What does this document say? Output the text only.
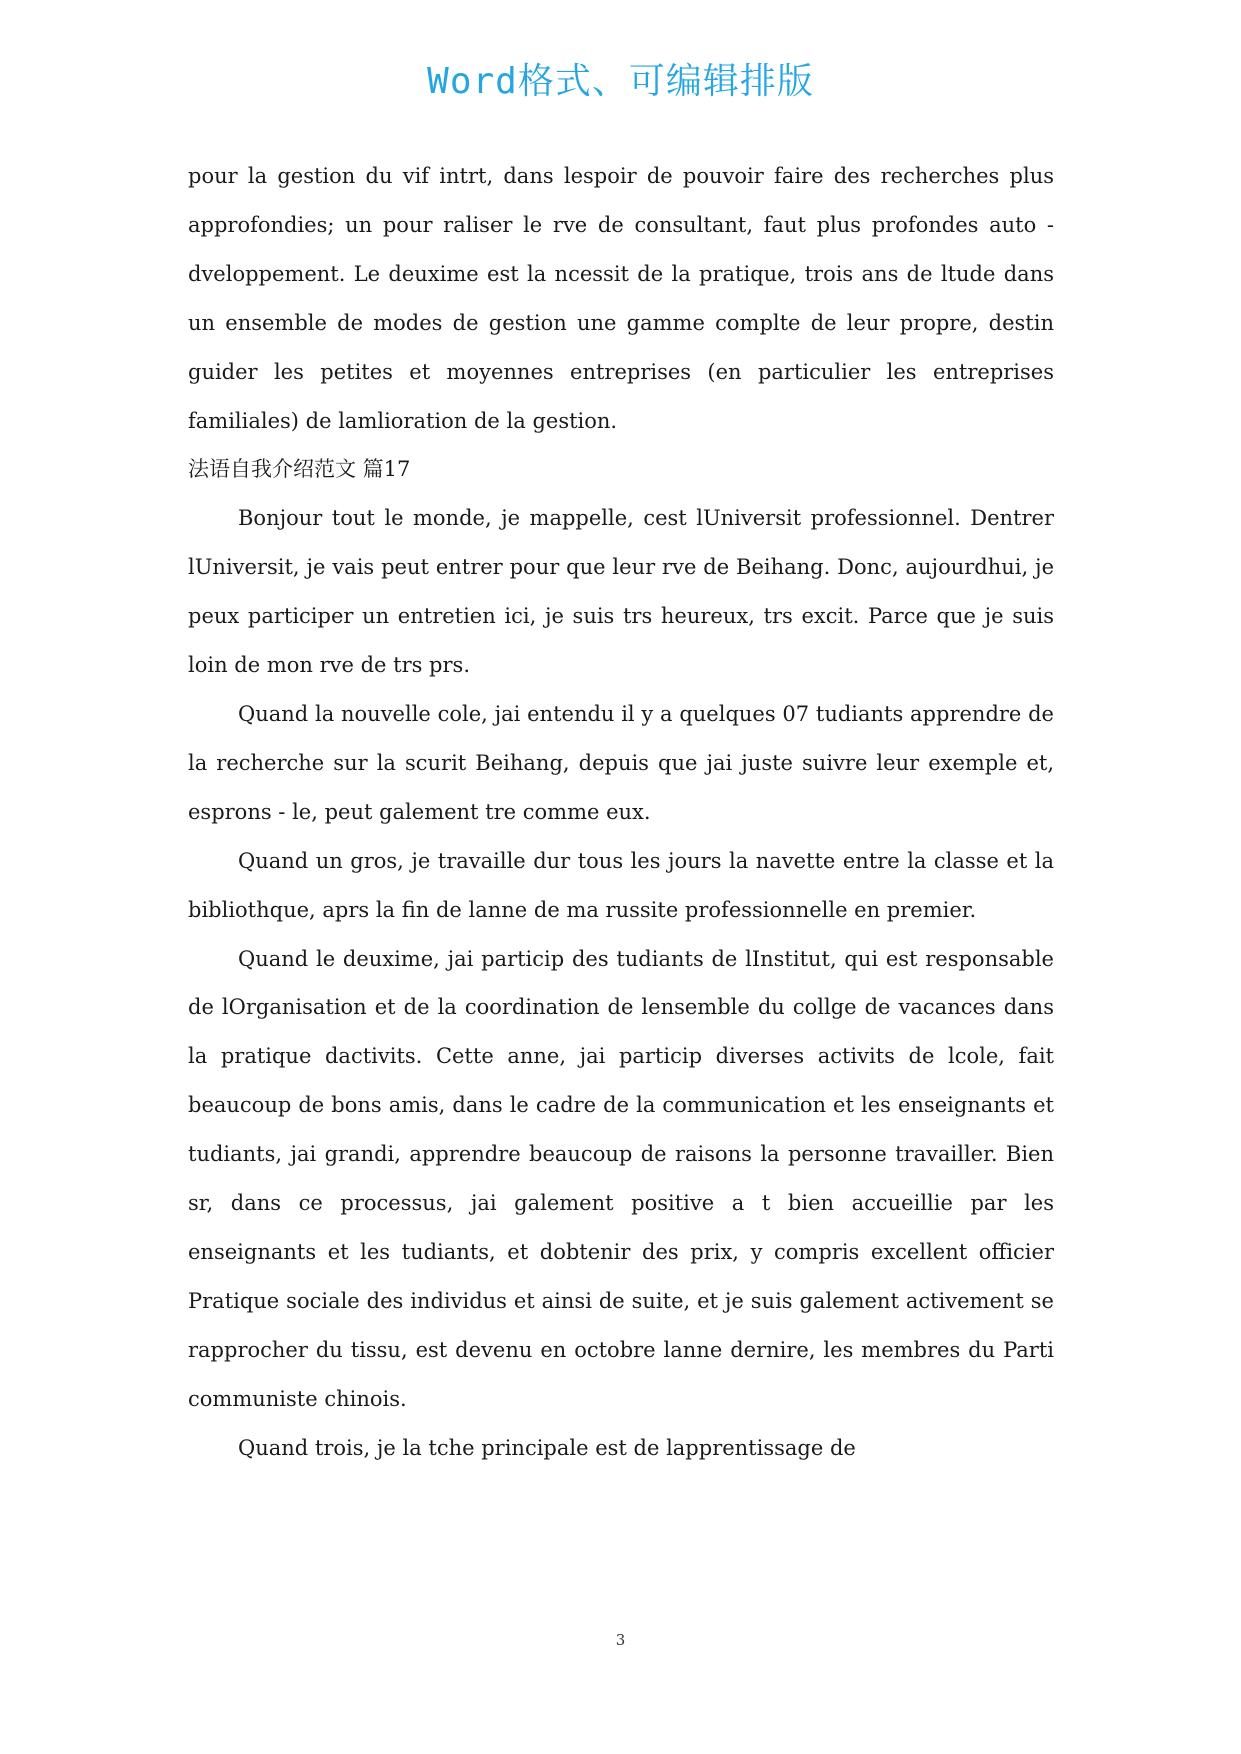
Word格式、可编辑排版

pour la gestion du vif intrt, dans lespoir de pouvoir faire des recherches plus approfondies; un pour raliser le rve de consultant, faut plus profondes auto - dveloppement. Le deuxime est la ncessit de la pratique, trois ans de ltude dans un ensemble de modes de gestion une gamme complte de leur propre, destin guider les petites et moyennes entreprises (en particulier les entreprises familiales) de lamlioration de la gestion.

法语自我介绍范文 篇17

Bonjour tout le monde, je mappelle, cest lUniversit professionnel. Dentrer lUniversit, je vais peut entrer pour que leur rve de Beihang. Donc, aujourdhui, je peux participer un entretien ici, je suis trs heureux, trs excit. Parce que je suis loin de mon rve de trs prs.

Quand la nouvelle cole, jai entendu il y a quelques 07 tudiants apprendre de la recherche sur la scurit Beihang, depuis que jai juste suivre leur exemple et, esprons - le, peut galement tre comme eux.

Quand un gros, je travaille dur tous les jours la navette entre la classe et la bibliothque, aprs la fin de lanne de ma russite professionnelle en premier.

Quand le deuxime, jai particip des tudiants de lInstitut, qui est responsable de lOrganisation et de la coordination de lensemble du collge de vacances dans la pratique dactivits. Cette anne, jai particip diverses activits de lcole, fait beaucoup de bons amis, dans le cadre de la communication et les enseignants et tudiants, jai grandi, apprendre beaucoup de raisons la personne travailler. Bien sr, dans ce processus, jai galement positive a t bien accueillie par les enseignants et les tudiants, et dobtenir des prix, y compris excellent officier Pratique sociale des individus et ainsi de suite, et je suis galement activement se rapprocher du tissu, est devenu en octobre lanne dernire, les membres du Parti communiste chinois.

Quand trois, je la tche principale est de lapprentissage de

3
